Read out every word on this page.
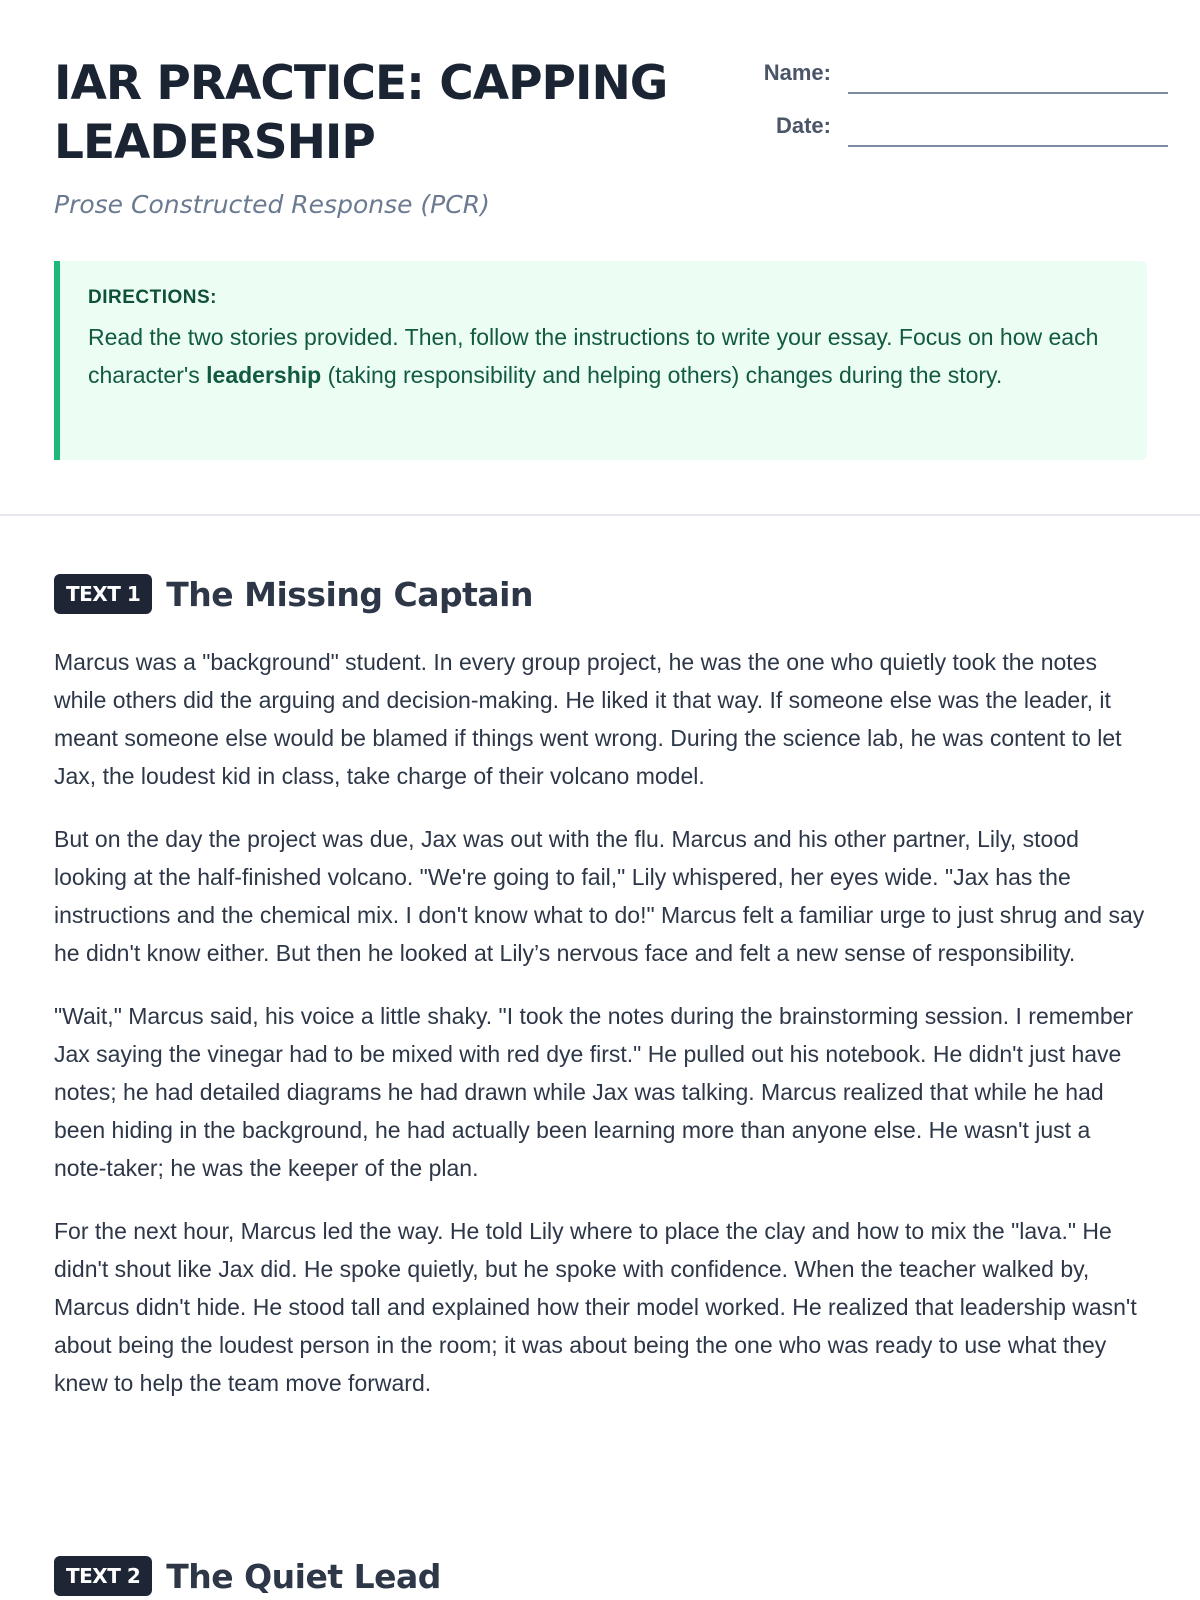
IAR PRACTICE: CAPPING LEADERSHIP
Prose Constructed Response (PCR)
Name:
Date:
DIRECTIONS:

Read the two stories provided. Then, follow the instructions to write your essay. Focus on how each character's leadership (taking responsibility and helping others) changes during the story.

TEXT 1 The Missing Captain

Marcus was a "background" student. In every group project, he was the one who quietly took the notes while others did the arguing and decision-making. He liked it that way. If someone else was the leader, it meant someone else would be blamed if things went wrong. During the science lab, he was content to let Jax, the loudest kid in class, take charge of their volcano model.

But on the day the project was due, Jax was out with the flu. Marcus and his other partner, Lily, stood looking at the half-finished volcano. "We're going to fail," Lily whispered, her eyes wide. "Jax has the instructions and the chemical mix. I don't know what to do!" Marcus felt a familiar urge to just shrug and say he didn't know either. But then he looked at Lily’s nervous face and felt a new sense of responsibility.

"Wait," Marcus said, his voice a little shaky. "I took the notes during the brainstorming session. I remember Jax saying the vinegar had to be mixed with red dye first." He pulled out his notebook. He didn't just have notes; he had detailed diagrams he had drawn while Jax was talking. Marcus realized that while he had been hiding in the background, he had actually been learning more than anyone else. He wasn't just a note-taker; he was the keeper of the plan.

For the next hour, Marcus led the way. He told Lily where to place the clay and how to mix the "lava." He didn't shout like Jax did. He spoke quietly, but he spoke with confidence. When the teacher walked by, Marcus didn't hide. He stood tall and explained how their model worked. He realized that leadership wasn't about being the loudest person in the room; it was about being the one who was ready to use what they knew to help the team move forward.

TEXT 2 The Quiet Lead
